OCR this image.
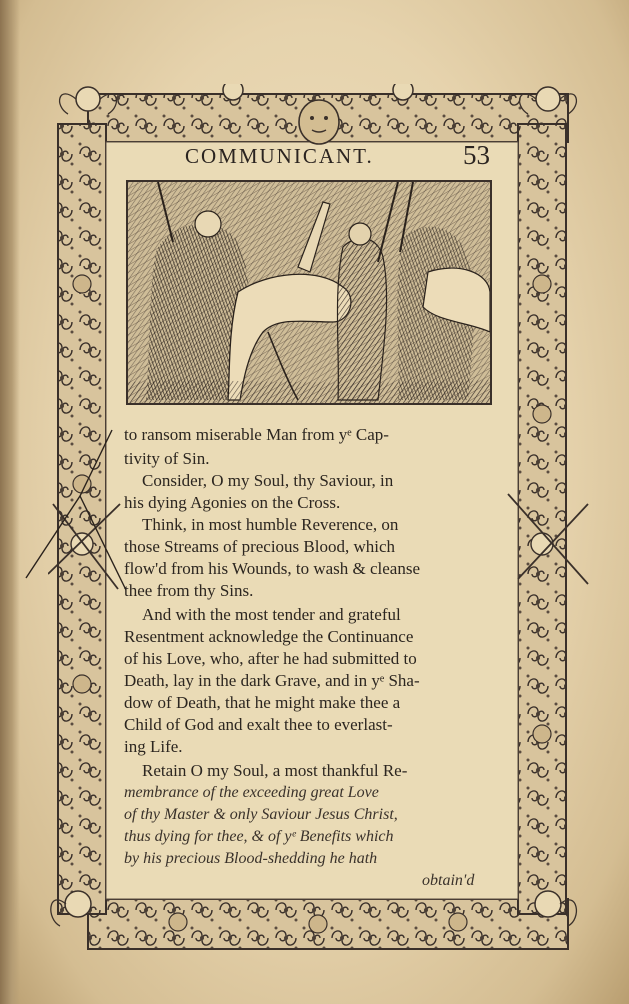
COMMUNICANT.	53
to ransom miserable Man from yᵉ Cap-
tivity of Sin.
Consider, O my Soul, thy Saviour, in
his dying Agonies on the Cross.
Think, in most humble Reverence, on
those Streams of precious Blood, which
flow'd from his Wounds, to wash & cleanse
thee from thy Sins.
And with the most tender and grateful
Resentment acknowledge the Continuance
of his Love, who, after he had submitted to
Death, lay in the dark Grave, and in yᵉ Sha-
dow of Death, that he might make thee a
Child of God and exalt thee to everlast-
ing Life.
Retain O my Soul, a most thankful Re-
membrance of the exceeding great Love
of thy Master & only Saviour Jesus Christ,
thus dying for thee, & of yᵉ Benefits which
by his precious Blood-shedding he hath
obtain'd
